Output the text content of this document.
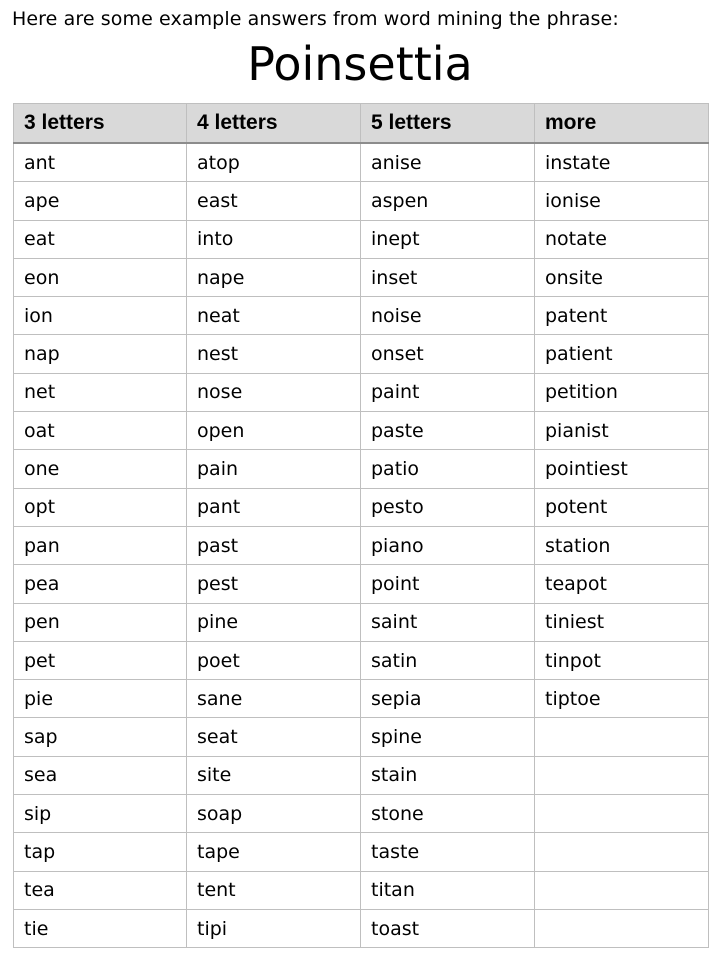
Here are some example answers from word mining the phrase:
Poinsettia
3 letters	4 letters	5 letters	more
ant	atop	anise	instate
ape	east	aspen	ionise
eat	into	inept	notate
eon	nape	inset	onsite
ion	neat	noise	patent
nap	nest	onset	patient
net	nose	paint	petition
oat	open	paste	pianist
one	pain	patio	pointiest
opt	pant	pesto	potent
pan	past	piano	station
pea	pest	point	teapot
pen	pine	saint	tiniest
pet	poet	satin	tinpot
pie	sane	sepia	tiptoe
sap	seat	spine	
sea	site	stain	
sip	soap	stone	
tap	tape	taste	
tea	tent	titan	
tie	tipi	toast	
